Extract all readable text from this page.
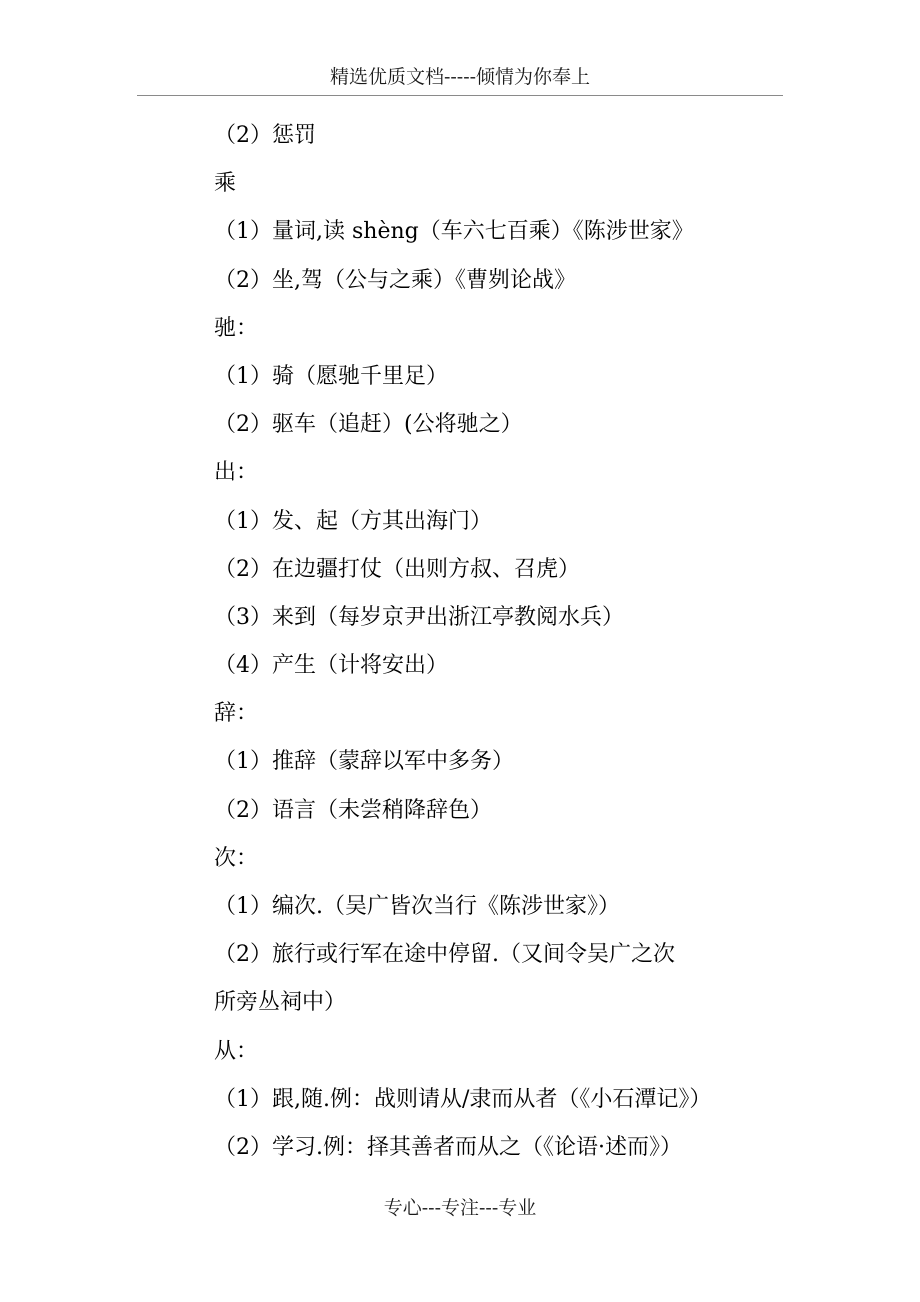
精选优质文档-----倾情为你奉上
（2）惩罚
乘
（1）量词,读 shèng（车六七百乘）《陈涉世家》
（2）坐,驾（公与之乘）《曹刿论战》
驰：
（1）骑（愿驰千里足）
（2）驱车（追赶）(公将驰之）
出：
（1）发、起（方其出海门）
（2）在边疆打仗（出则方叔、召虎）
（3）来到（每岁京尹出浙江亭教阅水兵）
（4）产生（计将安出）
辞：
（1）推辞（蒙辞以军中多务）
（2）语言（未尝稍降辞色）
次：
（1）编次.（吴广皆次当行《陈涉世家》）
（2）旅行或行军在途中停留.（又间令吴广之次
所旁丛祠中）
从：
（1）跟,随.例：战则请从/隶而从者（《小石潭记》）
（2）学习.例：择其善者而从之（《论语·述而》）
专心---专注---专业
